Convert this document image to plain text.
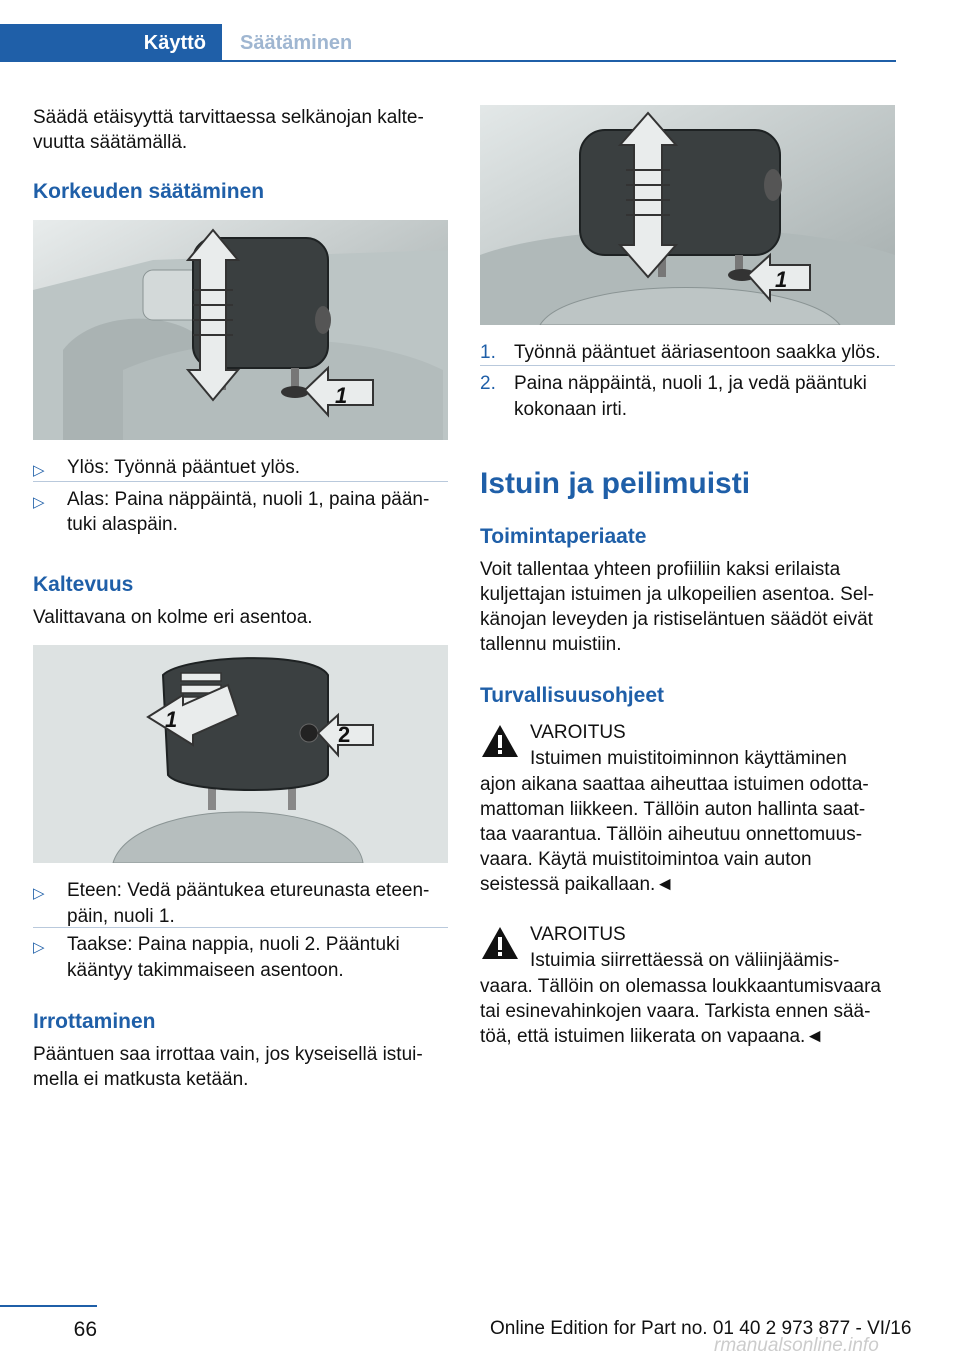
Käyttö	Säätäminen
Säädä etäisyyttä tarvittaessa selkänojan kalte-
vuutta säätämällä.
Korkeuden säätäminen
1
▷ Ylös: Työnnä pääntuet ylös.
▷ Alas: Paina näppäintä, nuoli 1, paina pään-
tuki alaspäin.
Kaltevuus
Valittavana on kolme eri asentoa.
1
2
▷ Eteen: Vedä pääntukea etureunasta eteen-
päin, nuoli 1.
▷ Taakse: Paina nappia, nuoli 2. Pääntuki
kääntyy takimmaiseen asentoon.
Irrottaminen
Pääntuen saa irrottaa vain, jos kyseisellä istui-
mella ei matkusta ketään.
1
1. Työnnä pääntuet ääriasentoon saakka ylös.
2. Paina näppäintä, nuoli 1, ja vedä pääntuki
kokonaan irti.
Istuin ja peilimuisti
Toimintaperiaate
Voit tallentaa yhteen profiiliin kaksi erilaista
kuljettajan istuimen ja ulkopeilien asentoa. Sel-
känojan leveyden ja ristiseläntuen säädöt eivät
tallennu muistiin.
Turvallisuusohjeet
VAROITUS
Istuimen muistitoiminnon käyttäminen
ajon aikana saattaa aiheuttaa istuimen odotta-
mattoman liikkeen. Tällöin auton hallinta saat-
taa vaarantua. Tällöin aiheutuu onnettomuus-
vaara. Käytä muistitoimintoa vain auton
seistessä paikallaan.◄
VAROITUS
Istuimia siirrettäessä on väliinjäämis-
vaara. Tällöin on olemassa loukkaantumisvaara
tai esinevahinkojen vaara. Tarkista ennen sää-
töä, että istuimen liikerata on vapaana.◄
66	Online Edition for Part no. 01 40 2 973 877 - VI/16
rmanualsonline.info
